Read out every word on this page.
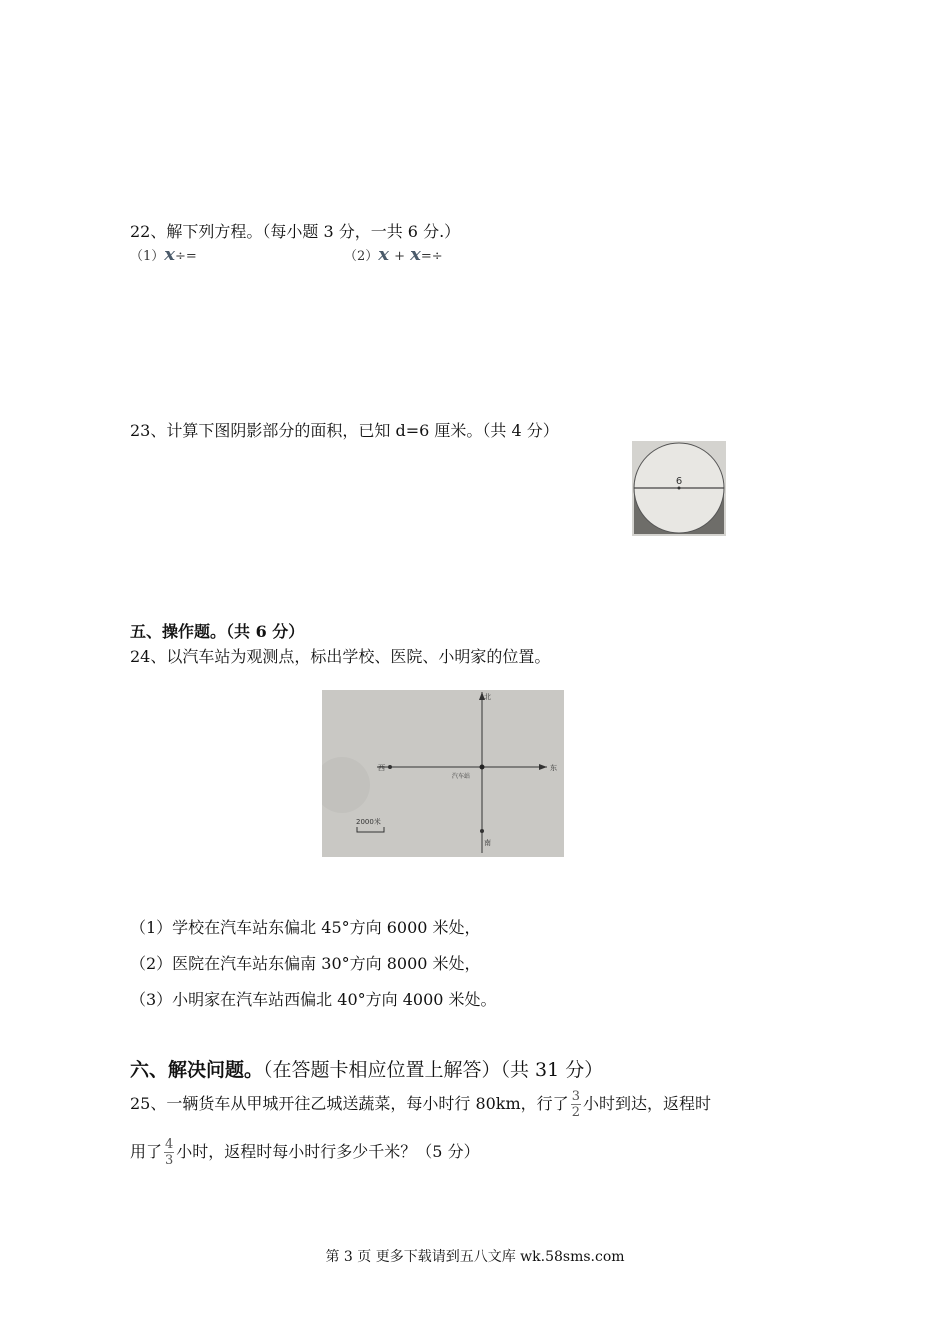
22、解下列方程。（每小题 3 分，一共 6 分.）
（1）x÷=	（2）x + x=÷
23、计算下图阴影部分的面积，已知 d=6 厘米。（共 4 分）
6
五、操作题。（共 6 分）
24、以汽车站为观测点，标出学校、医院、小明家的位置。
北
南
东
西
汽车站
2000米
（1）学校在汽车站东偏北 45°方向 6000 米处，
（2）医院在汽车站东偏南 30°方向 8000 米处，
（3）小明家在汽车站西偏北 40°方向 4000 米处。
六、解决问题。（在答题卡相应位置上解答）（共 31 分）
25、一辆货车从甲城开往乙城送蔬菜，每小时行 80km，行了 $\frac{3}{2}$ 小时到达，返程时
用了 $\frac{4}{3}$ 小时，返程时每小时行多少千米？（5 分）
第 3 页 更多下载请到五八文库 wk.58sms.com
